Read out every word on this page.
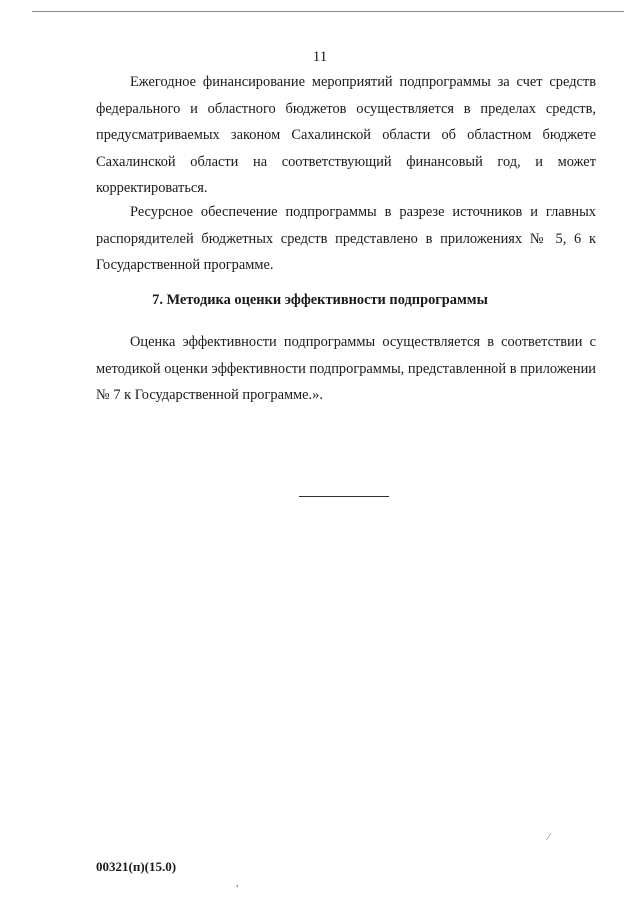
11

Ежегодное финансирование мероприятий подпрограммы за счет средств федерального и областного бюджетов осуществляется в пределах средств, предусматриваемых законом Сахалинской области об областном бюджете Сахалинской области на соответствующий финансовый год, и может корректироваться.

Ресурсное обеспечение подпрограммы в разрезе источников и главных распорядителей бюджетных средств представлено в приложениях № 5, 6 к Государственной программе.

7. Методика оценки эффективности подпрограммы

Оценка эффективности подпрограммы осуществляется в соответствии с методикой оценки эффективности подпрограммы, представленной в приложении № 7 к Государственной программе.».

00321(п)(15.0)
⁄
,
